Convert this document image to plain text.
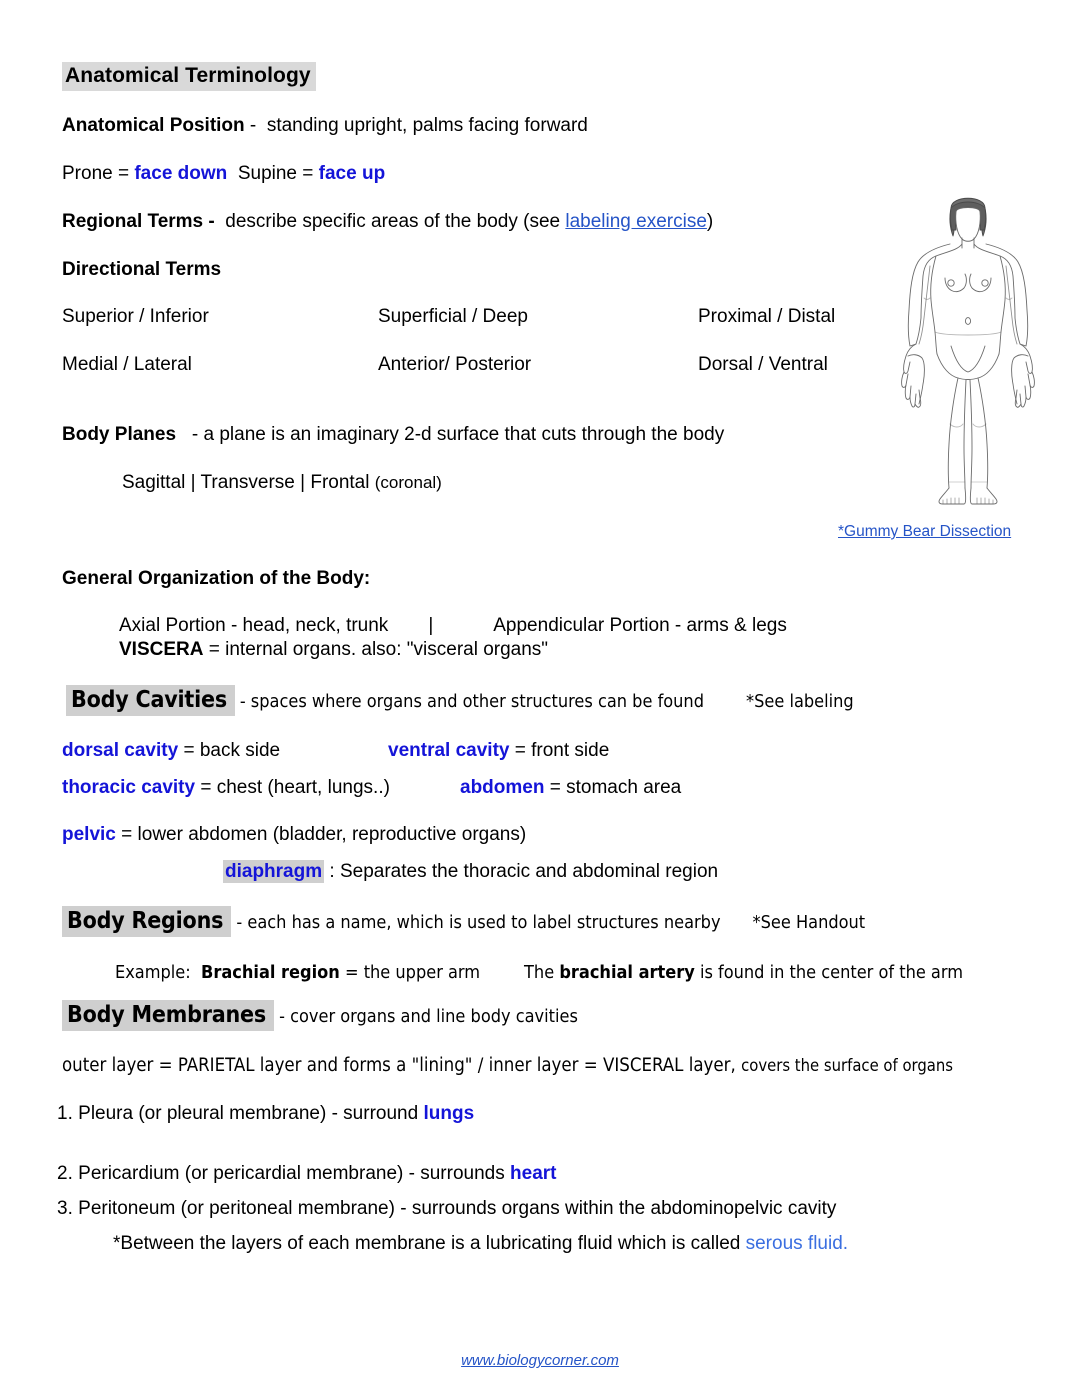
Anatomical Terminology
Anatomical Position - standing upright, palms facing forward
Prone = face down Supine = face up
Regional Terms - describe specific areas of the body (see labeling exercise)
Directional Terms
Superior / Inferior	Superficial / Deep	Proximal / Distal
Medial / Lateral	Anterior/ Posterior	Dorsal / Ventral
Body Planes - a plane is an imaginary 2-d surface that cuts through the body
Sagittal | Transverse | Frontal (coronal)
*Gummy Bear Dissection
General Organization of the Body:
Axial Portion - head, neck, trunk |	Appendicular Portion - arms & legs
VISCERA = internal organs. also: "visceral organs"
Body Cavities - spaces where organs and other structures can be found *See labeling
dorsal cavity = back side	ventral cavity = front side
thoracic cavity = chest (heart, lungs..)	abdomen = stomach area
pelvic = lower abdomen (bladder, reproductive organs)
diaphragm : Separates the thoracic and abdominal region
Body Regions - each has a name, which is used to label structures nearby *See Handout
Example: Brachial region = the upper arm The brachial artery is found in the center of the arm
Body Membranes - cover organs and line body cavities
outer layer = PARIETAL layer and forms a "lining" / inner layer = VISCERAL layer, covers the surface of organs
1. Pleura (or pleural membrane) - surround lungs
2. Pericardium (or pericardial membrane) - surrounds heart
3. Peritoneum (or peritoneal membrane) - surrounds organs within the abdominopelvic cavity
*Between the layers of each membrane is a lubricating fluid which is called serous fluid.
www.biologycorner.com
